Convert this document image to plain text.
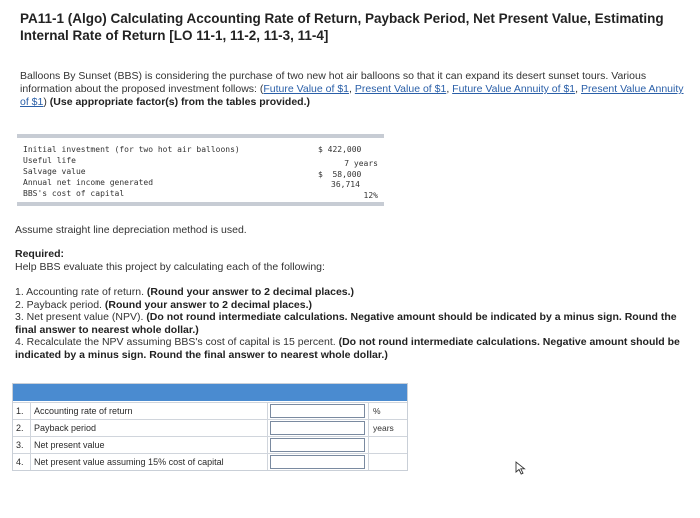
PA11-1 (Algo) Calculating Accounting Rate of Return, Payback Period, Net Present Value, Estimating Internal Rate of Return [LO 11-1, 11-2, 11-3, 11-4]
Balloons By Sunset (BBS) is considering the purchase of two new hot air balloons so that it can expand its desert sunset tours. Various information about the proposed investment follows: (Future Value of $1, Present Value of $1, Future Value Annuity of $1, Present Value Annuity of $1) (Use appropriate factor(s) from the tables provided.)
Initial investment (for two hot air balloons)	$ 422,000
Useful life	7 years
Salvage value	$  58,000
Annual net income generated	36,714
BBS's cost of capital	12%
Assume straight line depreciation method is used.
Required:
Help BBS evaluate this project by calculating each of the following:
1. Accounting rate of return. (Round your answer to 2 decimal places.)
2. Payback period. (Round your answer to 2 decimal places.)
3. Net present value (NPV). (Do not round intermediate calculations. Negative amount should be indicated by a minus sign. Round the final answer to nearest whole dollar.)
4. Recalculate the NPV assuming BBS's cost of capital is 15 percent. (Do not round intermediate calculations. Negative amount should be indicated by a minus sign. Round the final answer to nearest whole dollar.)
1. Accounting rate of return	%
2. Payback period	years
3. Net present value
4. Net present value assuming 15% cost of capital
